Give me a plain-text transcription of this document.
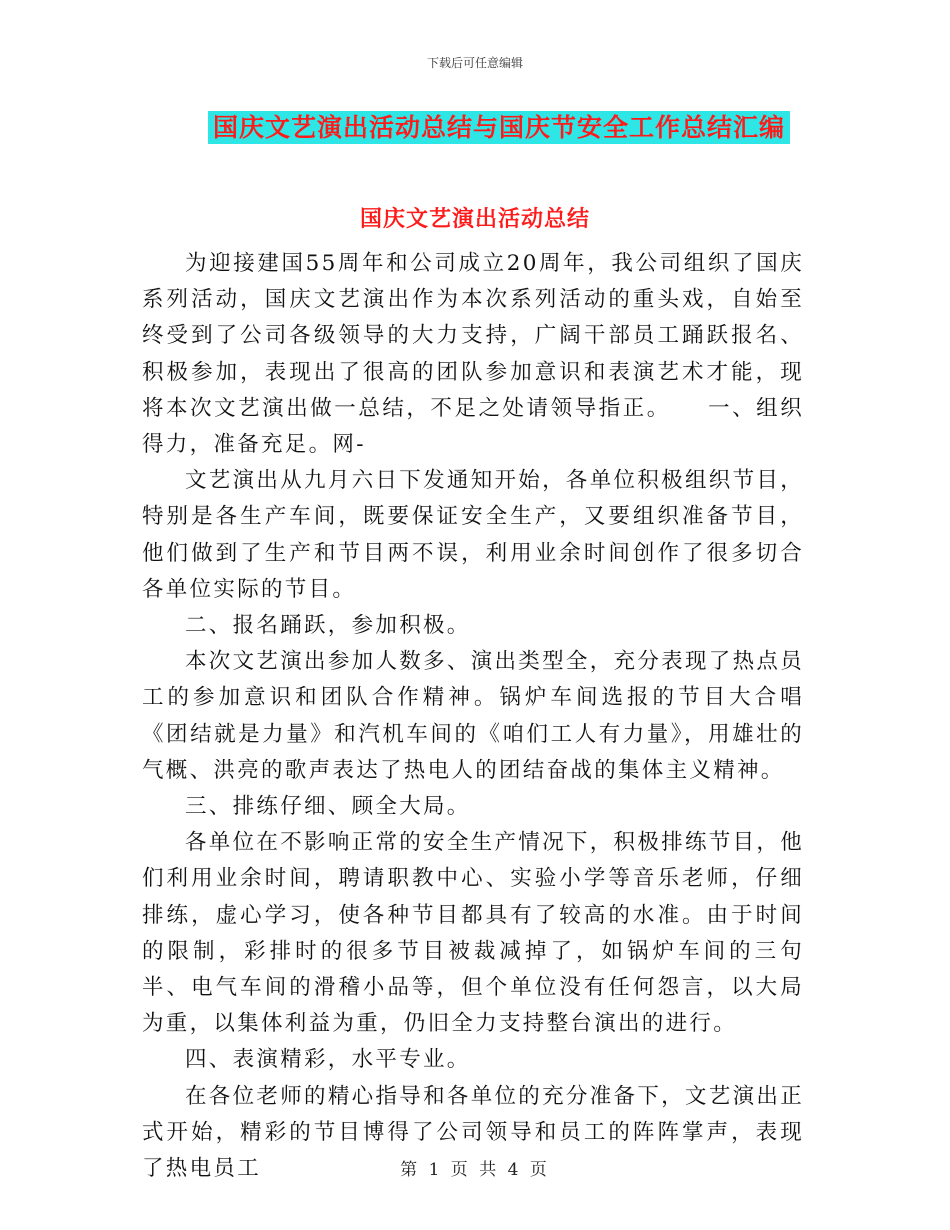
下载后可任意编辑
国庆文艺演出活动总结与国庆节安全工作总结汇编
国庆文艺演出活动总结

为迎接建国55周年和公司成立20周年，我公司组织了国庆系列活动，国庆文艺演出作为本次系列活动的重头戏，自始至终受到了公司各级领导的大力支持，广阔干部员工踊跃报名、积极参加，表现出了很高的团队参加意识和表演艺术才能，现将本次文艺演出做一总结，不足之处请领导指正。　　一、组织得力，准备充足。网-

文艺演出从九月六日下发通知开始，各单位积极组织节目，特别是各生产车间，既要保证安全生产，又要组织准备节目，他们做到了生产和节目两不误，利用业余时间创作了很多切合各单位实际的节目。

二、报名踊跃，参加积极。

本次文艺演出参加人数多、演出类型全，充分表现了热点员工的参加意识和团队合作精神。锅炉车间选报的节目大合唱《团结就是力量》和汽机车间的《咱们工人有力量》，用雄壮的气概、洪亮的歌声表达了热电人的团结奋战的集体主义精神。

三、排练仔细、顾全大局。

各单位在不影响正常的安全生产情况下，积极排练节目，他们利用业余时间，聘请职教中心、实验小学等音乐老师，仔细排练，虚心学习，使各种节目都具有了较高的水准。由于时间的限制，彩排时的很多节目被裁减掉了，如锅炉车间的三句半、电气车间的滑稽小品等，但个单位没有任何怨言，以大局为重，以集体利益为重，仍旧全力支持整台演出的进行。

四、表演精彩，水平专业。

在各位老师的精心指导和各单位的充分准备下，文艺演出正式开始，精彩的节目博得了公司领导和员工的阵阵掌声，表现了热电员工	第 1 页 共 4 页
